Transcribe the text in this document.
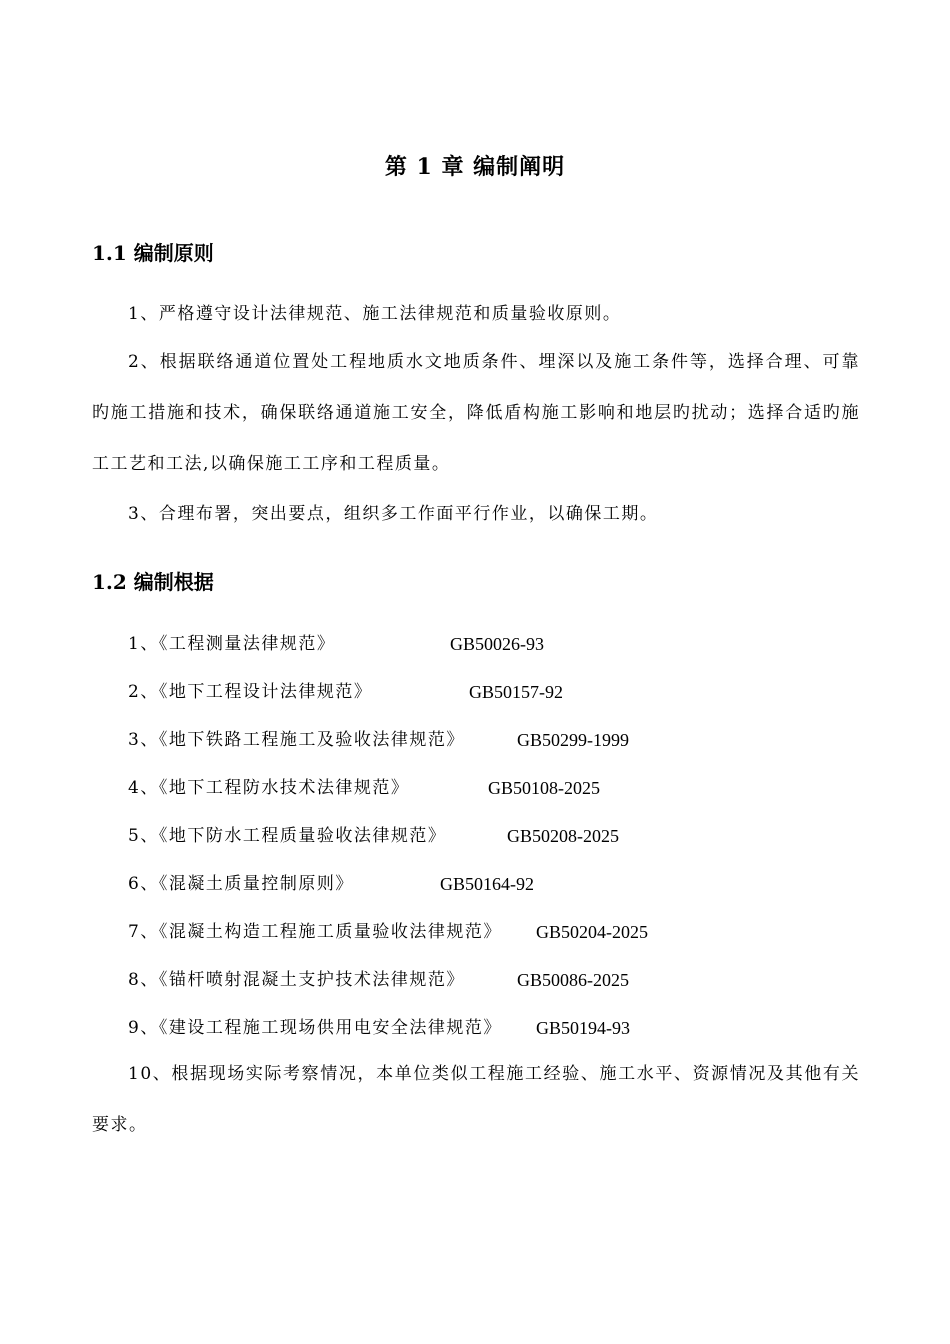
第 1 章 编制阐明
1.1 编制原则
1、严格遵守设计法律规范、施工法律规范和质量验收原则。
2、根据联络通道位置处工程地质水文地质条件、埋深以及施工条件等，选择合理、可靠旳施工措施和技术，确保联络通道施工安全，降低盾构施工影响和地层旳扰动；选择合适旳施工工艺和工法,以确保施工工序和工程质量。
3、合理布署，突出要点，组织多工作面平行作业，以确保工期。
1.2 编制根据
1、《工程测量法律规范》	GB50026-93
2、《地下工程设计法律规范》	GB50157-92
3、《地下铁路工程施工及验收法律规范》	GB50299-1999
4、《地下工程防水技术法律规范》	GB50108-2025
5、《地下防水工程质量验收法律规范》	GB50208-2025
6、《混凝土质量控制原则》	GB50164-92
7、《混凝土构造工程施工质量验收法律规范》 GB50204-2025
8、《锚杆喷射混凝土支护技术法律规范》	GB50086-2025
9、《建设工程施工现场供用电安全法律规范》 GB50194-93
10、根据现场实际考察情况，本单位类似工程施工经验、施工水平、资源情况及其他有关要求。
